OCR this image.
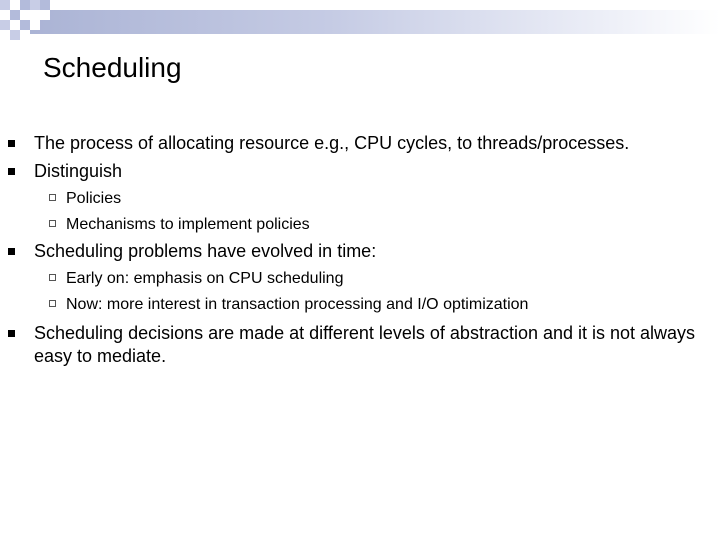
Scheduling
The process of allocating resource e.g., CPU cycles, to threads/processes.
Distinguish
Policies
Mechanisms to implement policies
Scheduling problems have evolved in time:
Early on: emphasis on CPU scheduling
Now: more interest in transaction processing and I/O optimization
Scheduling decisions are made at different levels of abstraction and it is not always easy to mediate.
